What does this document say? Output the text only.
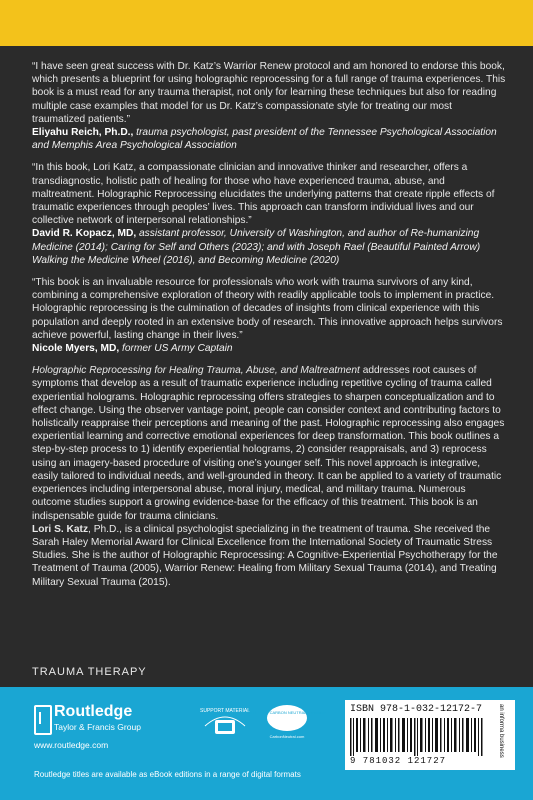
“I have seen great success with Dr. Katz’s Warrior Renew protocol and am honored to endorse this book, which presents a blueprint for using holographic reprocessing for a full range of trauma experiences. This book is a must read for any trauma therapist, not only for learning these techniques but also for reading multiple case examples that model for us Dr. Katz’s compassionate style for treating our most traumatized patients.”

Eliyahu Reich, Ph.D., trauma psychologist, past president of the Tennessee Psychological Association and Memphis Area Psychological Association

“In this book, Lori Katz, a compassionate clinician and innovative thinker and researcher, offers a transdiagnostic, holistic path of healing for those who have experienced trauma, abuse, and maltreatment. Holographic Reprocessing elucidates the underlying patterns that create ripple effects of traumatic experiences through peoples’ lives. This approach can transform individual lives and our collective network of interpersonal relationships.”

David R. Kopacz, MD, assistant professor, University of Washington, and author of Re-humanizing Medicine (2014); Caring for Self and Others (2023); and with Joseph Rael (Beautiful Painted Arrow) Walking the Medicine Wheel (2016), and Becoming Medicine (2020)

“This book is an invaluable resource for professionals who work with trauma survivors of any kind, combining a comprehensive exploration of theory with readily applicable tools to implement in practice. Holographic reprocessing is the culmination of decades of insights from clinical experience with this population and deeply rooted in an extensive body of research. This innovative approach helps survivors achieve powerful, lasting change in their lives.”

Nicole Myers, MD, former US Army Captain

Holographic Reprocessing for Healing Trauma, Abuse, and Maltreatment addresses root causes of symptoms that develop as a result of traumatic experience including repetitive cycling of trauma called experiential holograms. Holographic reprocessing offers strategies to sharpen conceptualization and to effect change. Using the observer vantage point, people can consider context and contributing factors to holistically reappraise their perceptions and meaning of the past. Holographic reprocessing also engages experiential learning and corrective emotional experiences for deep transformation. This book outlines a step-by-step process to 1) identify experiential holograms, 2) consider reappraisals, and 3) reprocess using an imagery-based procedure of visiting one’s younger self. This novel approach is integrative, easily tailored to individual needs, and well-grounded in theory. It can be applied to a variety of traumatic experiences including interpersonal abuse, moral injury, medical, and military trauma. Numerous outcome studies support a growing evidence-base for the efficacy of this treatment. This book is an indispensable guide for trauma clinicians.

Lori S. Katz, Ph.D., is a clinical psychologist specializing in the treatment of trauma. She received the Sarah Haley Memorial Award for Clinical Excellence from the International Society of Traumatic Stress Studies. She is the author of Holographic Reprocessing: A Cognitive-Experiential Psychotherapy for the Treatment of Trauma (2005), Warrior Renew: Healing from Military Sexual Trauma (2014), and Treating Military Sexual Trauma (2015).

TRAUMA THERAPY
Routledge
Taylor & Francis Group
www.routledge.com
SUPPORT MATERIAL
CERTIFIED CARBON NEUTRAL publication
CarbonNeutral.com
ISBN 978-1-032-12172-7
9 781032 121727
an informa business
Routledge titles are available as eBook editions in a range of digital formats
